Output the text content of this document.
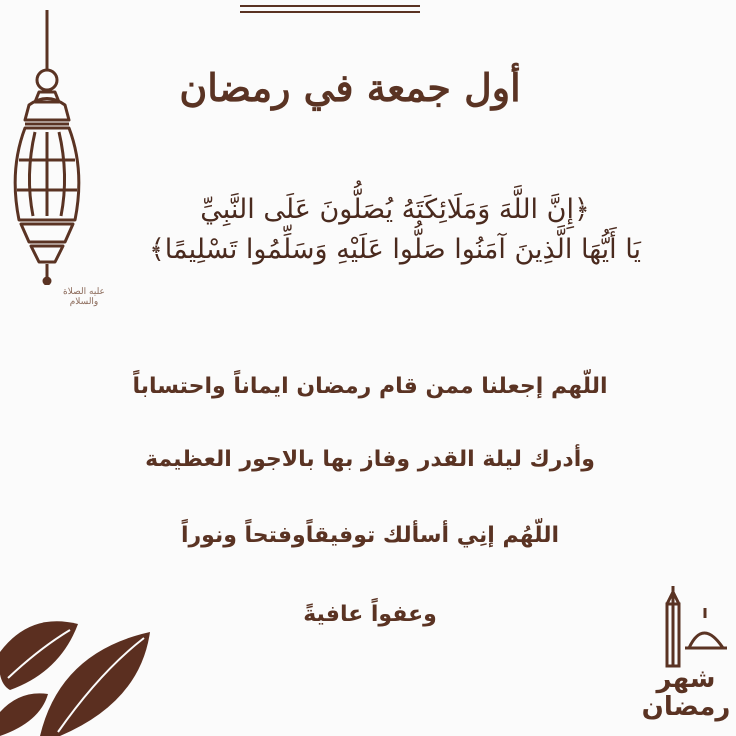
أول جمعة في رمضان
﴿إِنَّ اللَّهَ وَمَلَائِكَتَهُ يُصَلُّونَ عَلَى النَّبِيِّ
يَا أَيُّهَا الَّذِينَ آمَنُوا صَلُّوا عَلَيْهِ وَسَلِّمُوا تَسْلِيمًا﴾
عليه الصلاة والسلام
اللّهم إجعلنا ممن قام رمضان ايماناً واحتساباً
وأدرك ليلة القدر وفاز بها بالاجور العظيمة
اللّهُم إنِي أسألك توفيقاًوفتحاً ونوراً
وعفواً عافيةً
شهر رمضان
